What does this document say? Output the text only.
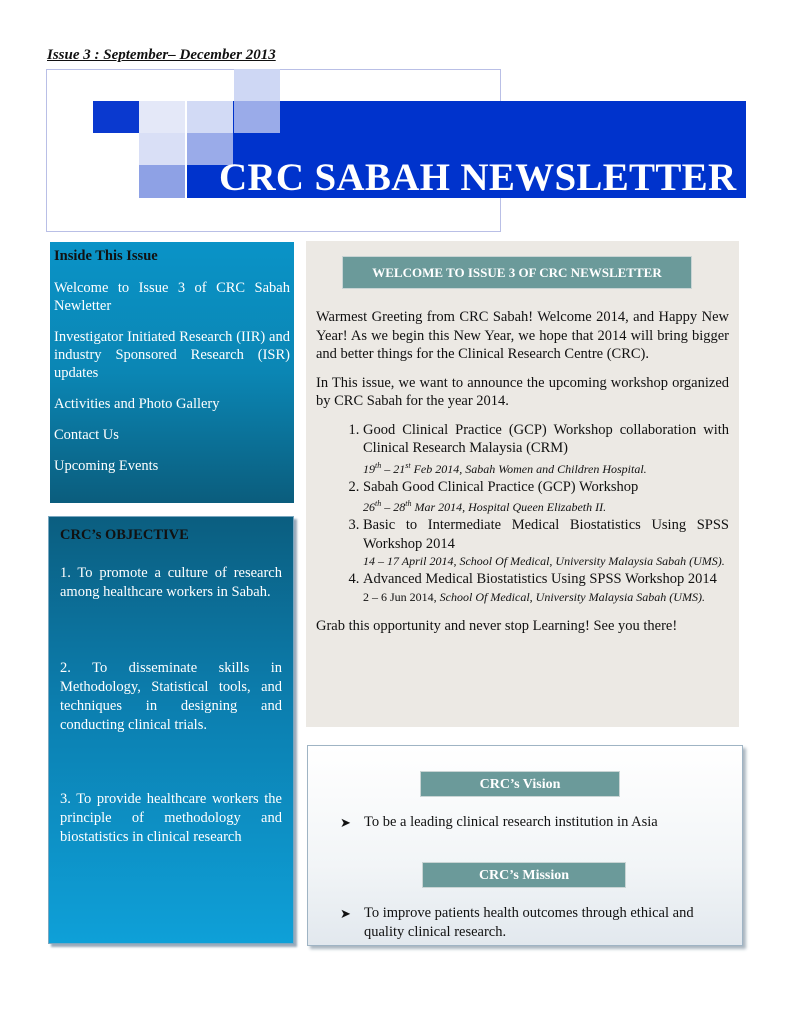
Issue 3 : September– December 2013
CRC SABAH NEWSLETTER
Inside This Issue
Welcome to Issue 3 of CRC Sabah Newletter
Investigator Initiated Research (IIR) and industry Sponsored Research (ISR) updates
Activities and Photo Gallery
Contact Us
Upcoming Events
CRC’s OBJECTIVE

1. To promote a culture of research among healthcare workers in Sabah.

2. To disseminate skills in Methodology, Statistical tools, and techniques in designing and conducting clinical trials.

3. To provide healthcare workers the principle of methodology and biostatistics in clinical research

WELCOME TO ISSUE 3 OF CRC NEWSLETTER

Warmest Greeting from CRC Sabah! Welcome 2014, and Happy New Year! As we begin this New Year, we hope that 2014 will bring bigger and better things for the Clinical Research Centre (CRC).

In This issue, we want to announce the upcoming workshop organized by CRC Sabah for the year 2014.

1. Good Clinical Practice (GCP) Workshop collaboration with Clinical Research Malaysia (CRM)
19th – 21st Feb 2014, Sabah Women and Children Hospital.
2. Sabah Good Clinical Practice (GCP) Workshop
26th – 28th Mar 2014, Hospital Queen Elizabeth II.
3. Basic to Intermediate Medical Biostatistics Using SPSS Workshop 2014
14 – 17 April 2014, School Of Medical, University Malaysia Sabah (UMS).
4. Advanced Medical Biostatistics Using SPSS Workshop 2014
2 – 6 Jun 2014, School Of Medical, University Malaysia Sabah (UMS).

Grab this opportunity and never stop Learning! See you there!

CRC’s Vision
➤ To be a leading clinical research institution in Asia
CRC’s Mission
➤ To improve patients health outcomes through ethical and quality clinical research.
